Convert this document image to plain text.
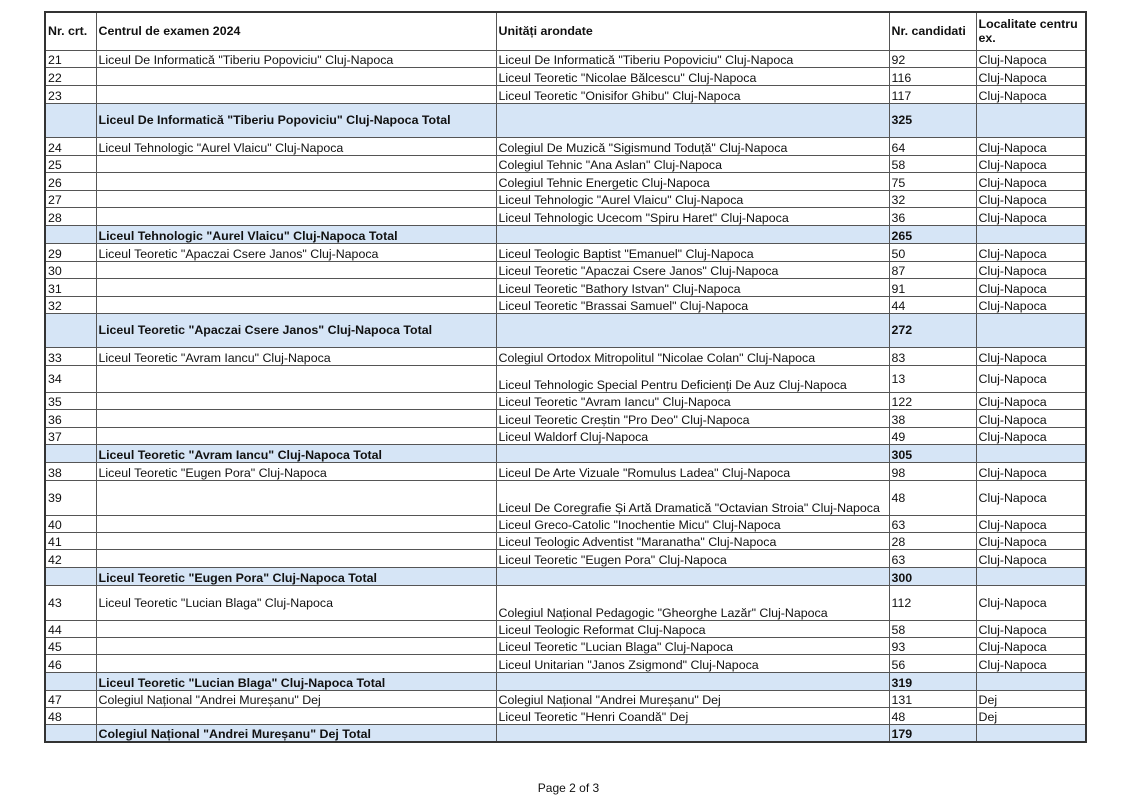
Nr. crt.	Centrul de examen 2024	Unități arondate	Nr. candidati	Localitate centru ex.
21	Liceul De Informatică "Tiberiu Popoviciu" Cluj-Napoca	Liceul De Informatică "Tiberiu Popoviciu" Cluj-Napoca	92	Cluj-Napoca
22		Liceul Teoretic "Nicolae Bălcescu" Cluj-Napoca	116	Cluj-Napoca
23		Liceul Teoretic "Onisifor Ghibu" Cluj-Napoca	117	Cluj-Napoca
	Liceul De Informatică "Tiberiu Popoviciu" Cluj-Napoca Total		325	
24	Liceul Tehnologic "Aurel Vlaicu" Cluj-Napoca	Colegiul De Muzică "Sigismund Toduță" Cluj-Napoca	64	Cluj-Napoca
25		Colegiul Tehnic "Ana Aslan" Cluj-Napoca	58	Cluj-Napoca
26		Colegiul Tehnic Energetic Cluj-Napoca	75	Cluj-Napoca
27		Liceul Tehnologic "Aurel Vlaicu" Cluj-Napoca	32	Cluj-Napoca
28		Liceul Tehnologic Ucecom "Spiru Haret" Cluj-Napoca	36	Cluj-Napoca
	Liceul Tehnologic "Aurel Vlaicu" Cluj-Napoca Total		265	
29	Liceul Teoretic "Apaczai Csere Janos" Cluj-Napoca	Liceul Teologic Baptist "Emanuel" Cluj-Napoca	50	Cluj-Napoca
30		Liceul Teoretic "Apaczai Csere Janos" Cluj-Napoca	87	Cluj-Napoca
31		Liceul Teoretic "Bathory Istvan" Cluj-Napoca	91	Cluj-Napoca
32		Liceul Teoretic "Brassai Samuel" Cluj-Napoca	44	Cluj-Napoca
	Liceul Teoretic "Apaczai Csere Janos" Cluj-Napoca Total		272	
33	Liceul Teoretic "Avram Iancu" Cluj-Napoca	Colegiul Ortodox Mitropolitul "Nicolae Colan" Cluj-Napoca	83	Cluj-Napoca
34		Liceul Tehnologic Special Pentru Deficienți De Auz Cluj-Napoca	13	Cluj-Napoca
35		Liceul Teoretic "Avram Iancu" Cluj-Napoca	122	Cluj-Napoca
36		Liceul Teoretic Creștin "Pro Deo" Cluj-Napoca	38	Cluj-Napoca
37		Liceul Waldorf Cluj-Napoca	49	Cluj-Napoca
	Liceul Teoretic "Avram Iancu" Cluj-Napoca Total		305	
38	Liceul Teoretic "Eugen Pora" Cluj-Napoca	Liceul De Arte Vizuale "Romulus Ladea" Cluj-Napoca	98	Cluj-Napoca
39		Liceul De Coregrafie Și Artă Dramatică "Octavian Stroia" Cluj-Napoca	48	Cluj-Napoca
40		Liceul Greco-Catolic "Inochentie Micu" Cluj-Napoca	63	Cluj-Napoca
41		Liceul Teologic Adventist "Maranatha" Cluj-Napoca	28	Cluj-Napoca
42		Liceul Teoretic "Eugen Pora" Cluj-Napoca	63	Cluj-Napoca
	Liceul Teoretic "Eugen Pora" Cluj-Napoca Total		300	
43	Liceul Teoretic "Lucian Blaga" Cluj-Napoca	Colegiul Național Pedagogic "Gheorghe Lazăr" Cluj-Napoca	112	Cluj-Napoca
44		Liceul Teologic Reformat Cluj-Napoca	58	Cluj-Napoca
45		Liceul Teoretic "Lucian Blaga" Cluj-Napoca	93	Cluj-Napoca
46		Liceul Unitarian "Janos Zsigmond" Cluj-Napoca	56	Cluj-Napoca
	Liceul Teoretic "Lucian Blaga" Cluj-Napoca Total		319	
47	Colegiul Național "Andrei Mureșanu" Dej	Colegiul Național "Andrei Mureșanu" Dej	131	Dej
48		Liceul Teoretic "Henri Coandă" Dej	48	Dej
	Colegiul Național "Andrei Mureșanu" Dej Total		179	
Page 2 of 3
